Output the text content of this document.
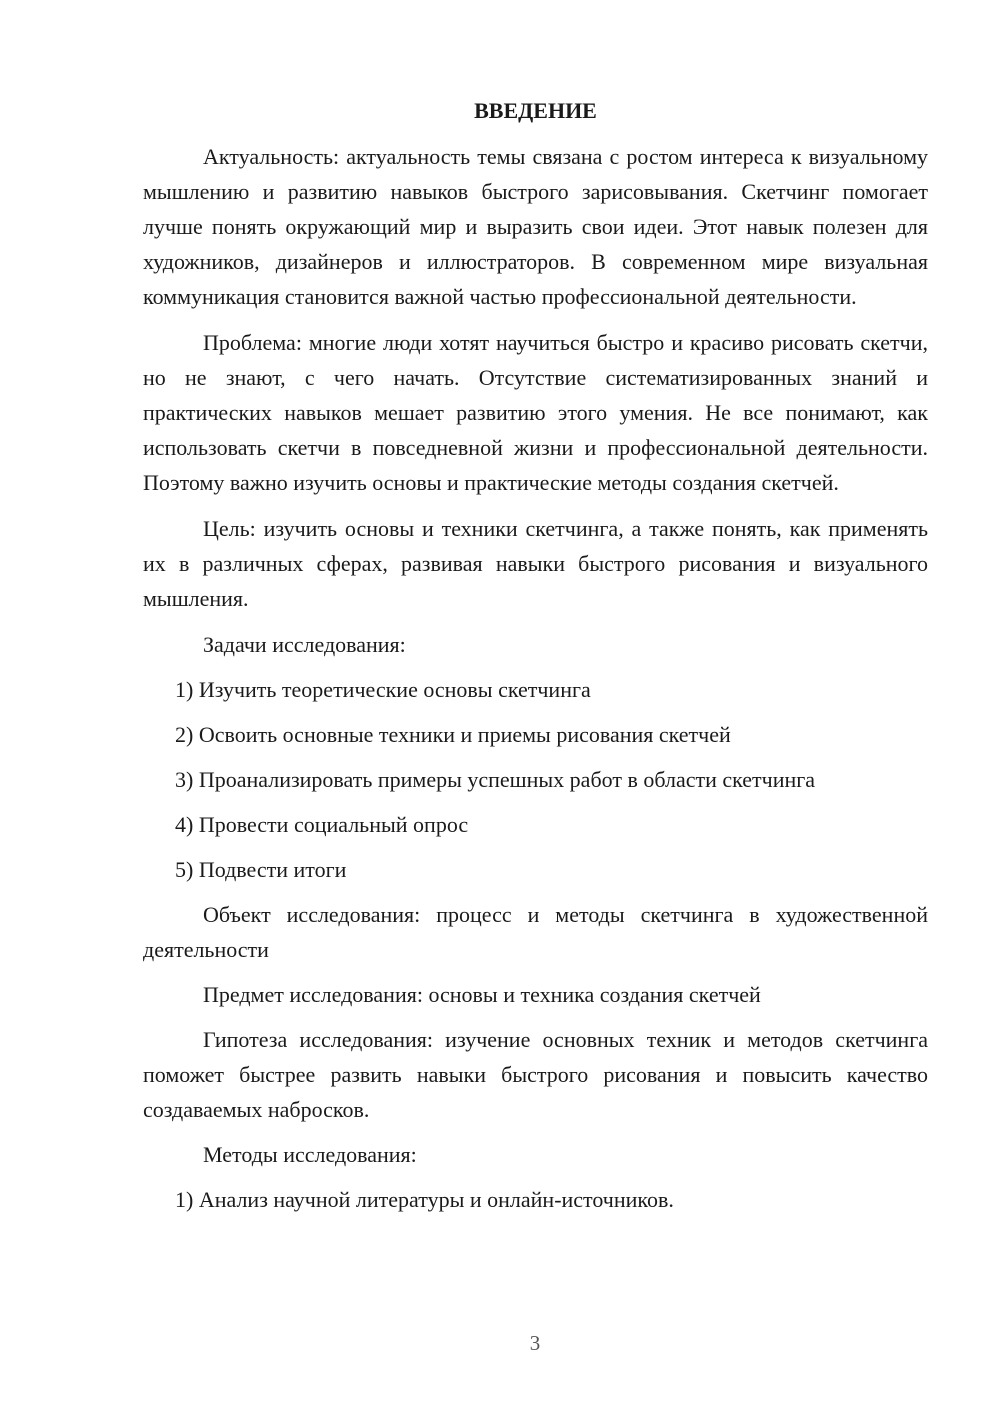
ВВЕДЕНИЕ

Актуальность: актуальность темы связана с ростом интереса к визуальному мышлению и развитию навыков быстрого зарисовывания. Скетчинг помогает лучше понять окружающий мир и выразить свои идеи. Этот навык полезен для художников, дизайнеров и иллюстраторов. В современном мире визуальная коммуникация становится важной частью профессиональной деятельности.

Проблема: многие люди хотят научиться быстро и красиво рисовать скетчи, но не знают, с чего начать. Отсутствие систематизированных знаний и практических навыков мешает развитию этого умения. Не все понимают, как использовать скетчи в повседневной жизни и профессиональной деятельности. Поэтому важно изучить основы и практические методы создания скетчей.

Цель: изучить основы и техники скетчинга, а также понять, как применять их в различных сферах, развивая навыки быстрого рисования и визуального мышления.

Задачи исследования:

1) Изучить теоретические основы скетчинга

2) Освоить основные техники и приемы рисования скетчей

3) Проанализировать примеры успешных работ в области скетчинга

4) Провести социальный опрос

5) Подвести итоги

Объект исследования: процесс и методы скетчинга в художественной деятельности

Предмет исследования: основы и техника создания скетчей

Гипотеза исследования: изучение основных техник и методов скетчинга поможет быстрее развить навыки быстрого рисования и повысить качество создаваемых набросков.

Методы исследования:

1) Анализ научной литературы и онлайн-источников.

3
